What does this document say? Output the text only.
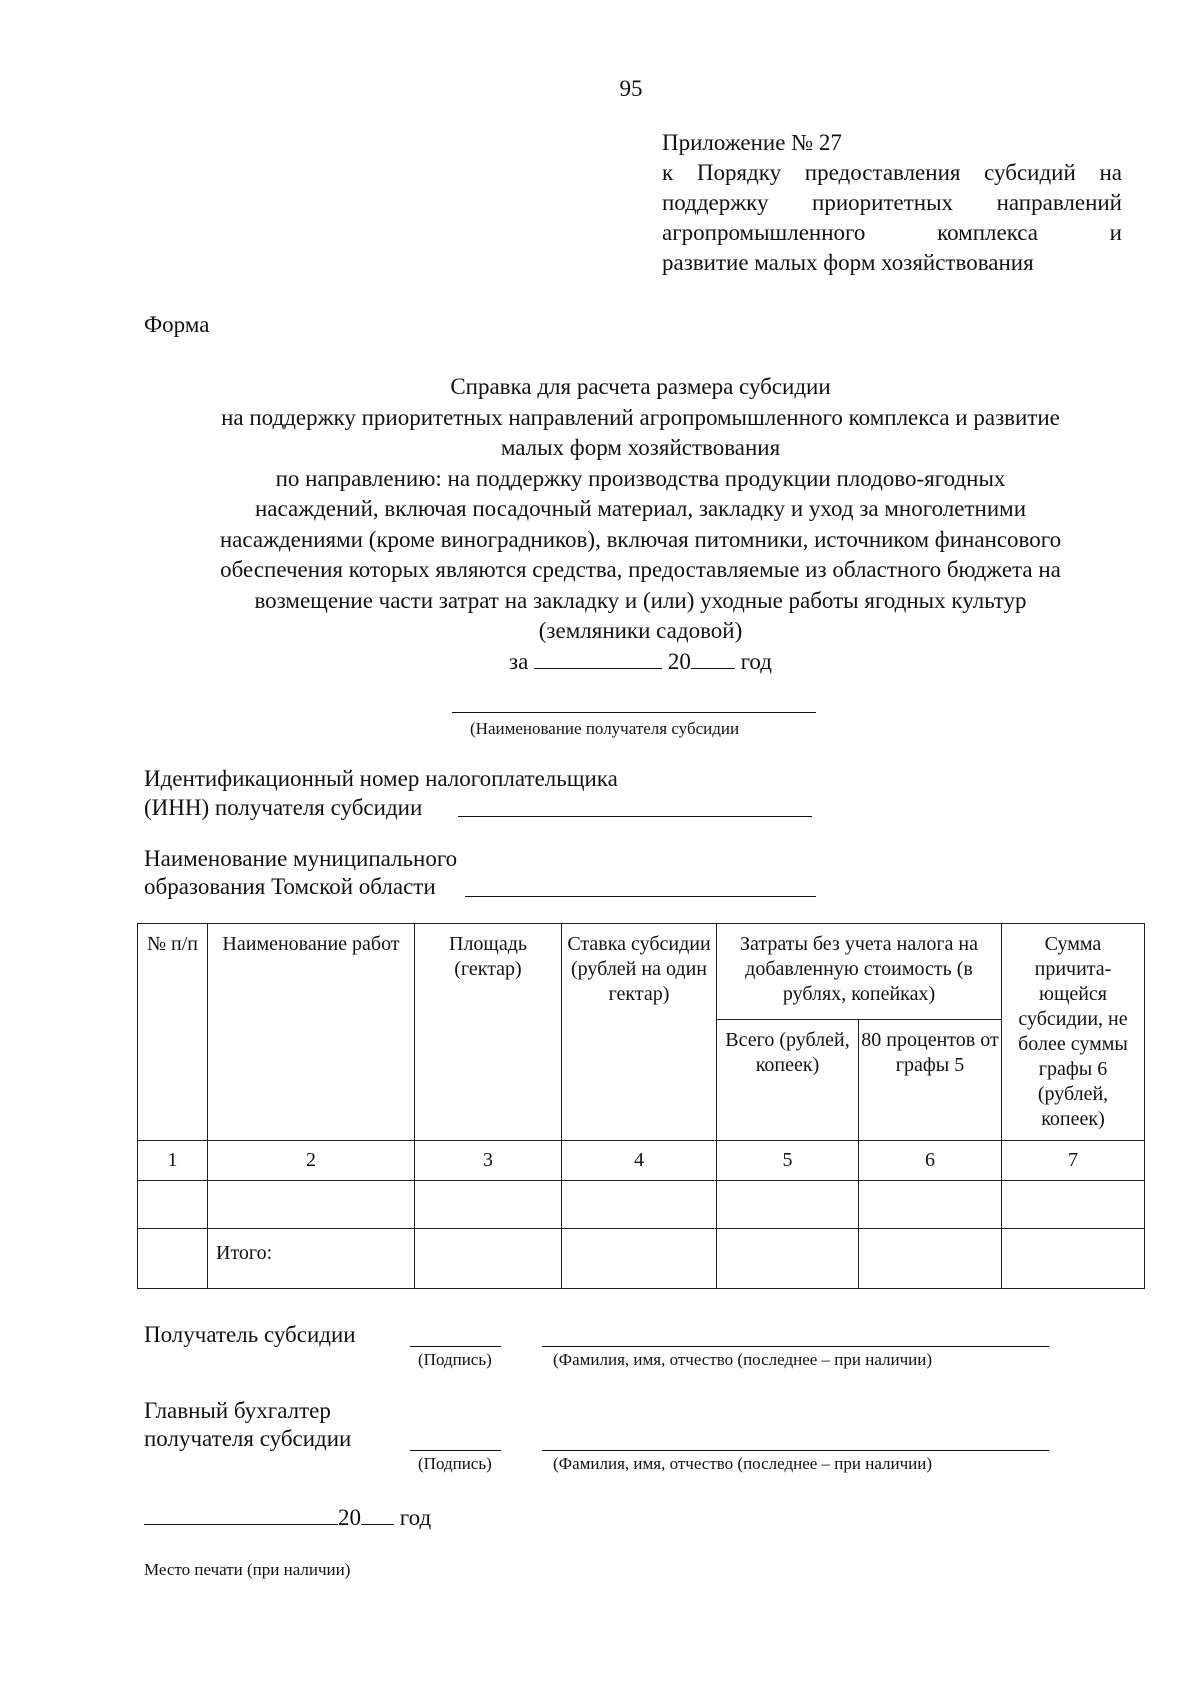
95
Приложение № 27
к Порядку предоставления субсидий на
поддержку приоритетных направлений
агропромышленного комплекса и
развитие малых форм хозяйствования
Форма
Справка для расчета размера субсидии
на поддержку приоритетных направлений агропромышленного комплекса и развитие
малых форм хозяйствования
по направлению: на поддержку производства продукции плодово-ягодных
насаждений, включая посадочный материал, закладку и уход за многолетними
насаждениями (кроме виноградников), включая питомники, источником финансового
обеспечения которых являются средства, предоставляемые из областного бюджета на
возмещение части затрат на закладку и (или) уходные работы ягодных культур
(земляники садовой)
за	20 год
(Наименование получателя субсидии
Идентификационный номер налогоплательщика
(ИНН) получателя субсидии
Наименование муниципального
образования Томской области
№ п/п	Наименование работ	Площадь (гектар)	Ставка субсидии (рублей на один гектар)	Затраты без учета налога на добавленную стоимость (в рублях, копейках)		Сумма причита-ющейся субсидии, не более суммы графы 6 (рублей, копеек)
				Всего (рублей, копеек)	80 процентов от графы 5	
1	2	3	4	5	6	7

	Итого:					
Получатель субсидии
(Подпись)	(Фамилия, имя, отчество (последнее – при наличии)
Главный бухгалтер
получателя субсидии
(Подпись)	(Фамилия, имя, отчество (последнее – при наличии)
20 год
Место печати (при наличии)
